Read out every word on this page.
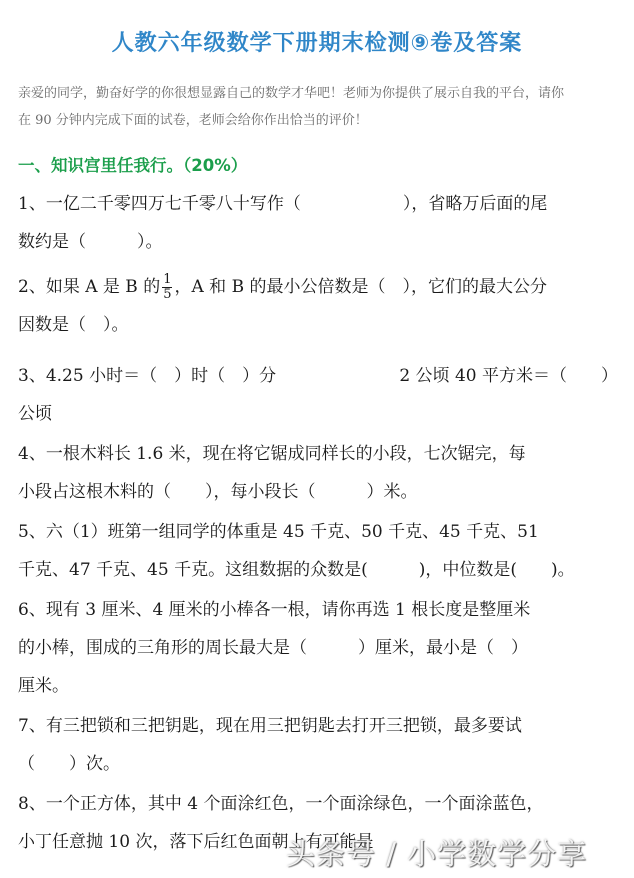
人教六年级数学下册期末检测⑨卷及答案
亲爱的同学，勤奋好学的你很想显露自己的数学才华吧！老师为你提供了展示自我的平台，请你
在 90 分钟内完成下面的试卷，老师会给你作出恰当的评价！
一、知识宫里任我行。（20%）
1、一亿二千零四万七千零八十写作（　　　　　　），省略万后面的尾
数约是（　　　）。
2、如果 A 是 B 的 $\frac{1}{5}$ ，A 和 B 的最小公倍数是（　），它们的最大公分
因数是（　）。
3、4.25 小时＝（　）时（　）分	2 公顷 40 平方米＝（　　）
公顷
4、一根木料长 1.6 米，现在将它锯成同样长的小段，七次锯完，每
小段占这根木料的（　　），每小段长（　　　）米。
5、六（1）班第一组同学的体重是 45 千克、50 千克、45 千克、51
千克、47 千克、45 千克。这组数据的众数是(　　　)，中位数是(　　)。
6、现有 3 厘米、4 厘米的小棒各一根，请你再选 1 根长度是整厘米
的小棒，围成的三角形的周长最大是（　　　）厘米，最小是（　）
厘米。
7、有三把锁和三把钥匙，现在用三把钥匙去打开三把锁，最多要试
（　　）次。
8、一个正方体，其中 4 个面涂红色，一个面涂绿色，一个面涂蓝色，
小丁任意抛 10 次，落下后红色面朝上有可能是
头条号 / 小学数学分享
